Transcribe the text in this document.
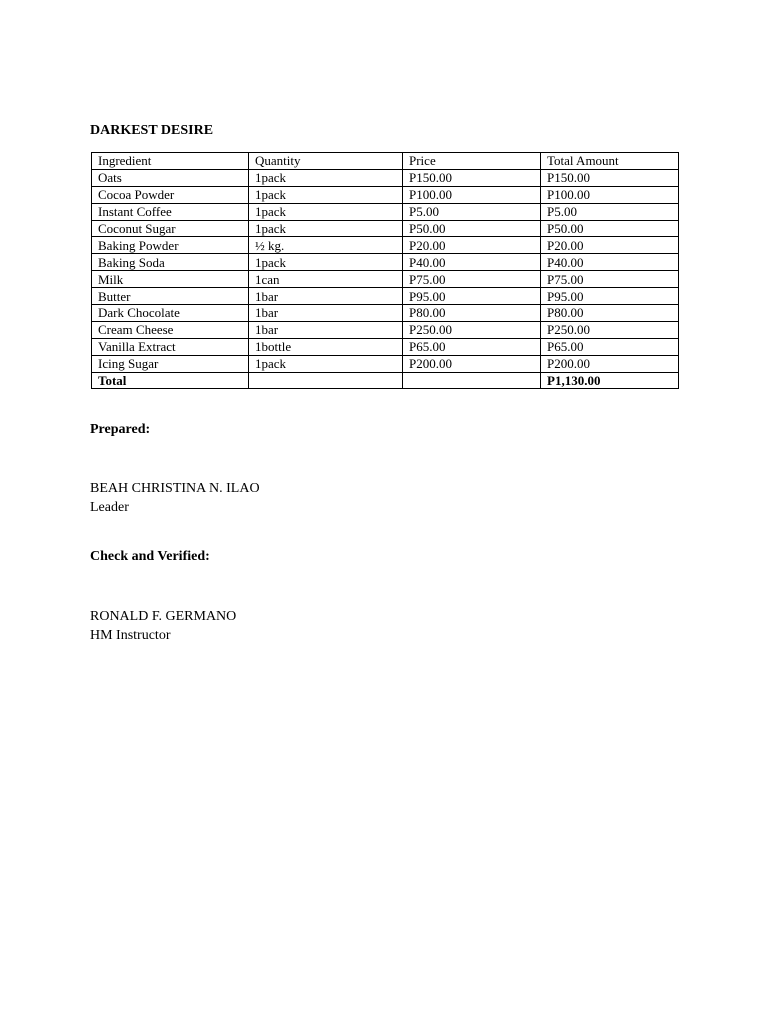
DARKEST DESIRE
Ingredient	Quantity	Price	Total Amount
Oats	1pack	P150.00	P150.00
Cocoa Powder	1pack	P100.00	P100.00
Instant Coffee	1pack	P5.00	P5.00
Coconut Sugar	1pack	P50.00	P50.00
Baking Powder	½ kg.	P20.00	P20.00
Baking Soda	1pack	P40.00	P40.00
Milk	1can	P75.00	P75.00
Butter	1bar	P95.00	P95.00
Dark Chocolate	1bar	P80.00	P80.00
Cream Cheese	1bar	P250.00	P250.00
Vanilla Extract	1bottle	P65.00	P65.00
Icing Sugar	1pack	P200.00	P200.00
Total			P1,130.00
Prepared:
BEAH CHRISTINA N. ILAO
Leader
Check and Verified:
RONALD F. GERMANO
HM Instructor
